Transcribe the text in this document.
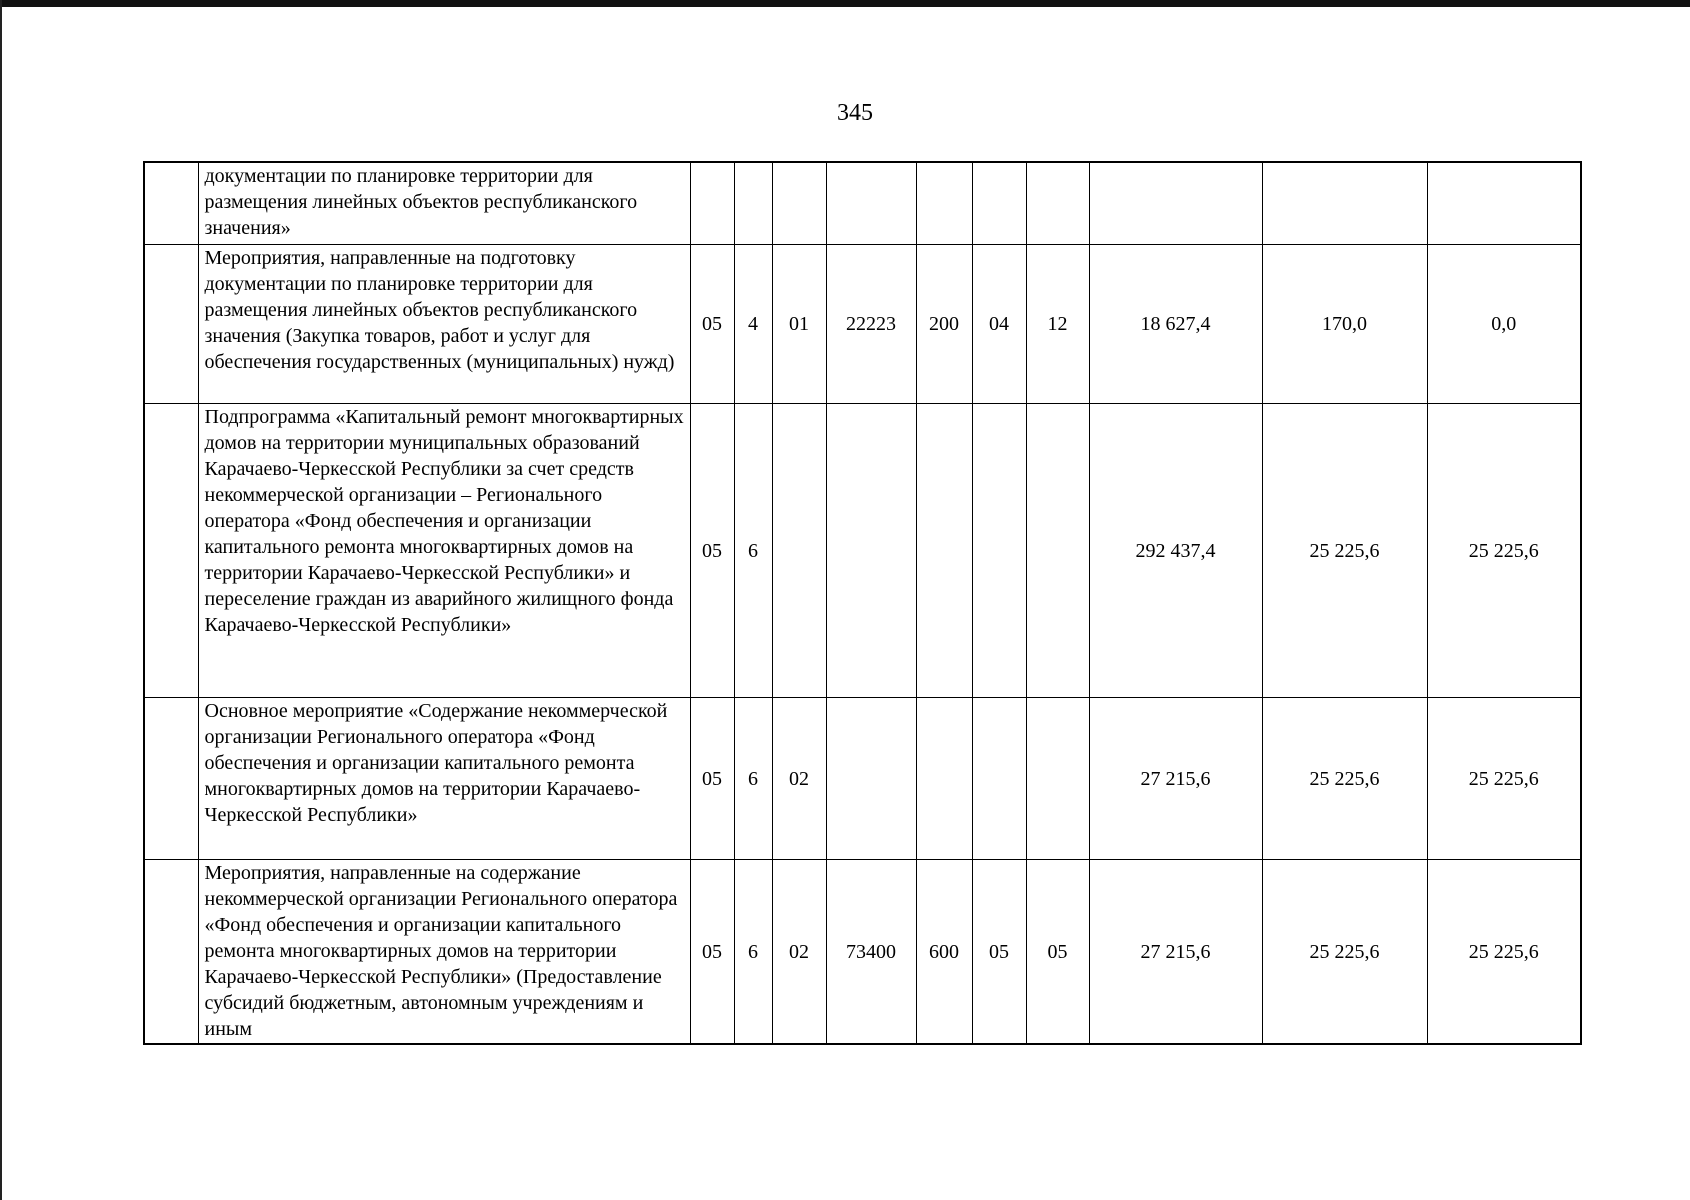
345
	документации по планировке территории для размещения линейных объектов республиканского значения»										
	Мероприятия, направленные на подготовку документации по планировке территории для размещения линейных объектов республиканского значения (Закупка товаров, работ и услуг для обеспечения государственных (муниципальных) нужд)	05	4	01	22223	200	04	12	18 627,4	170,0	0,0
	Подпрограмма «Капитальный ремонт многоквартирных домов на территории муниципальных образований Карачаево-Черкесской Республики за счет средств некоммерческой организации – Регионального оператора «Фонд обеспечения и организации капитального ремонта многоквартирных домов на территории Карачаево-Черкесской Республики» и переселение граждан из аварийного жилищного фонда Карачаево-Черкесской Республики»	05	6						292 437,4	25 225,6	25 225,6
	Основное мероприятие «Содержание некоммерческой организации Регионального оператора «Фонд обеспечения и организации капитального ремонта многоквартирных домов на территории Карачаево-Черкесской Республики»	05	6	02					27 215,6	25 225,6	25 225,6
	Мероприятия, направленные на содержание некоммерческой организации Регионального оператора «Фонд обеспечения и организации капитального ремонта многоквартирных домов на территории Карачаево-Черкесской Республики» (Предоставление субсидий бюджетным, автономным учреждениям и иным	05	6	02	73400	600	05	05	27 215,6	25 225,6	25 225,6
